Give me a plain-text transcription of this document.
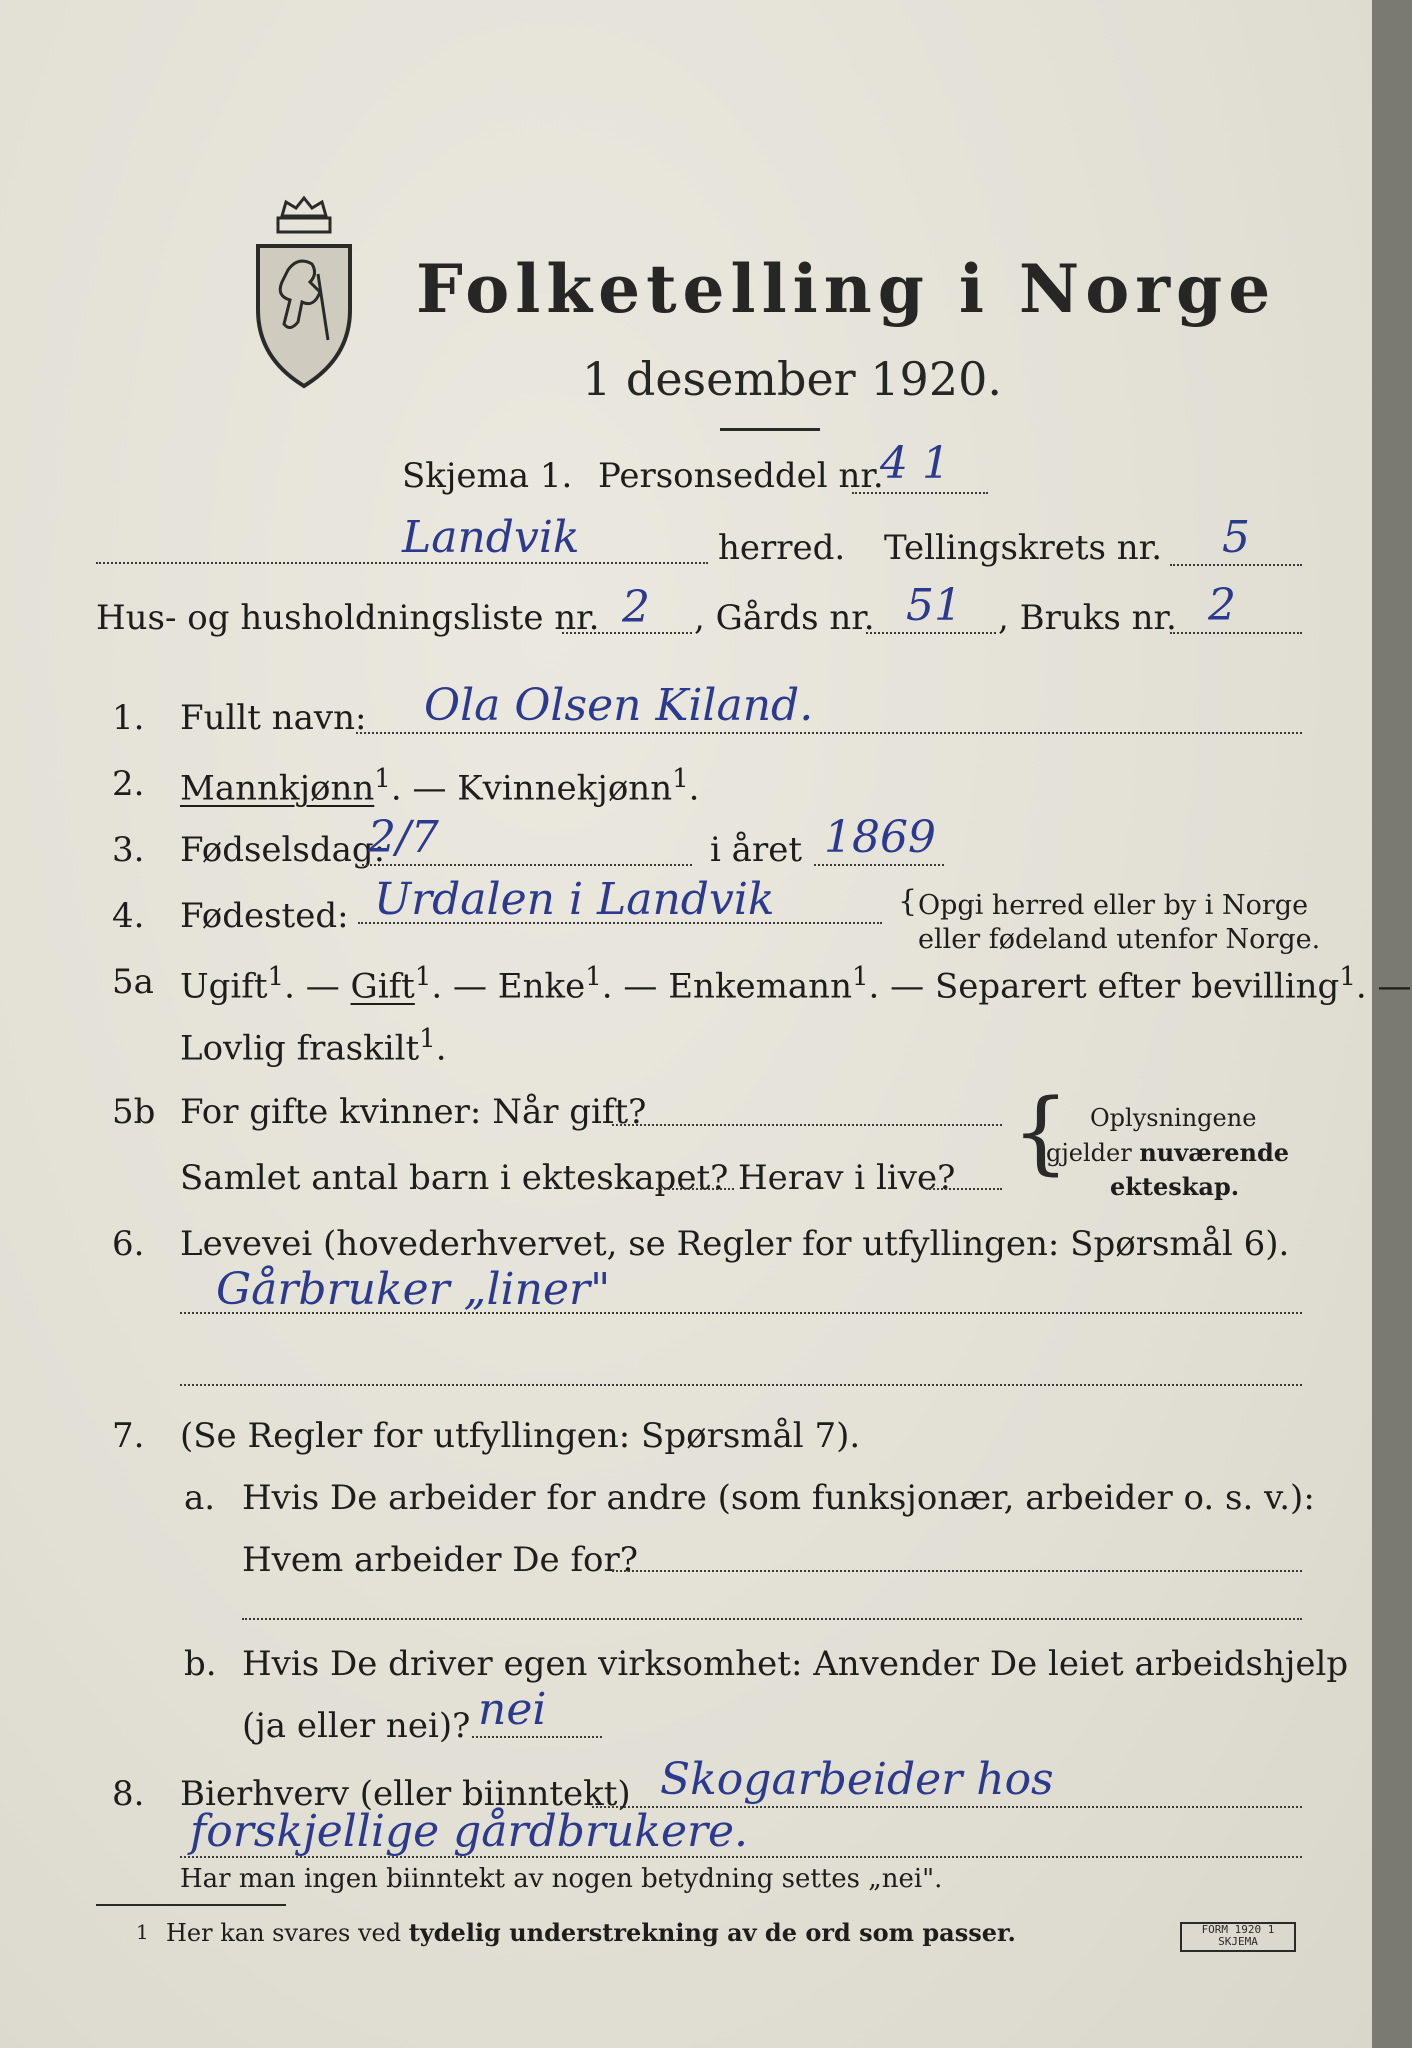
Folketelling i Norge
1 desember 1920.
Skjema 1. Personseddel nr.
4 1
Landvik	herred. Tellingskrets nr. 5
Hus- og husholdningsliste nr. 2 , Gårds nr. 51 , Bruks nr. 2
1. Fullt navn: Ola Olsen Kiland.
2. Mannkjønn$^1$. — Kvinnekjønn$^1$.
3. Fødselsdag:
2/7	i året 1869
4. Fødested: Urdalen i Landvik	{ Opgi herred eller by i Norge
eller fødeland utenfor Norge.
5a Ugift$^1$. — Gift$^1$. — Enke$^1$. — Enkemann$^1$. — Separert efter bevilling$^1$. —
Lovlig fraskilt$^1$.
5b For gifte kvinner: Når gift?
Samlet antal barn i ekteskapet? Herav i live? { Oplysningene
gjelder nuværende
ekteskap.
6. Levevei (hovederhvervet, se Regler for utfyllingen: Spørsmål 6).
Gårbruker „liner"
7. (Se Regler for utfyllingen: Spørsmål 7).
a. Hvis De arbeider for andre (som funksjonær, arbeider o. s. v.):
Hvem arbeider De for?
b. Hvis De driver egen virksomhet: Anvender De leiet arbeidshjelp
(ja eller nei)? nei
8. Bierhverv (eller biinntekt) Skogarbeider hos
forskjellige gårdbrukere.
Har man ingen biinntekt av nogen betydning settes „nei".
1 Her kan svares ved tydelig understrekning av de ord som passer.	FORM 1920 1 SKJEMA
